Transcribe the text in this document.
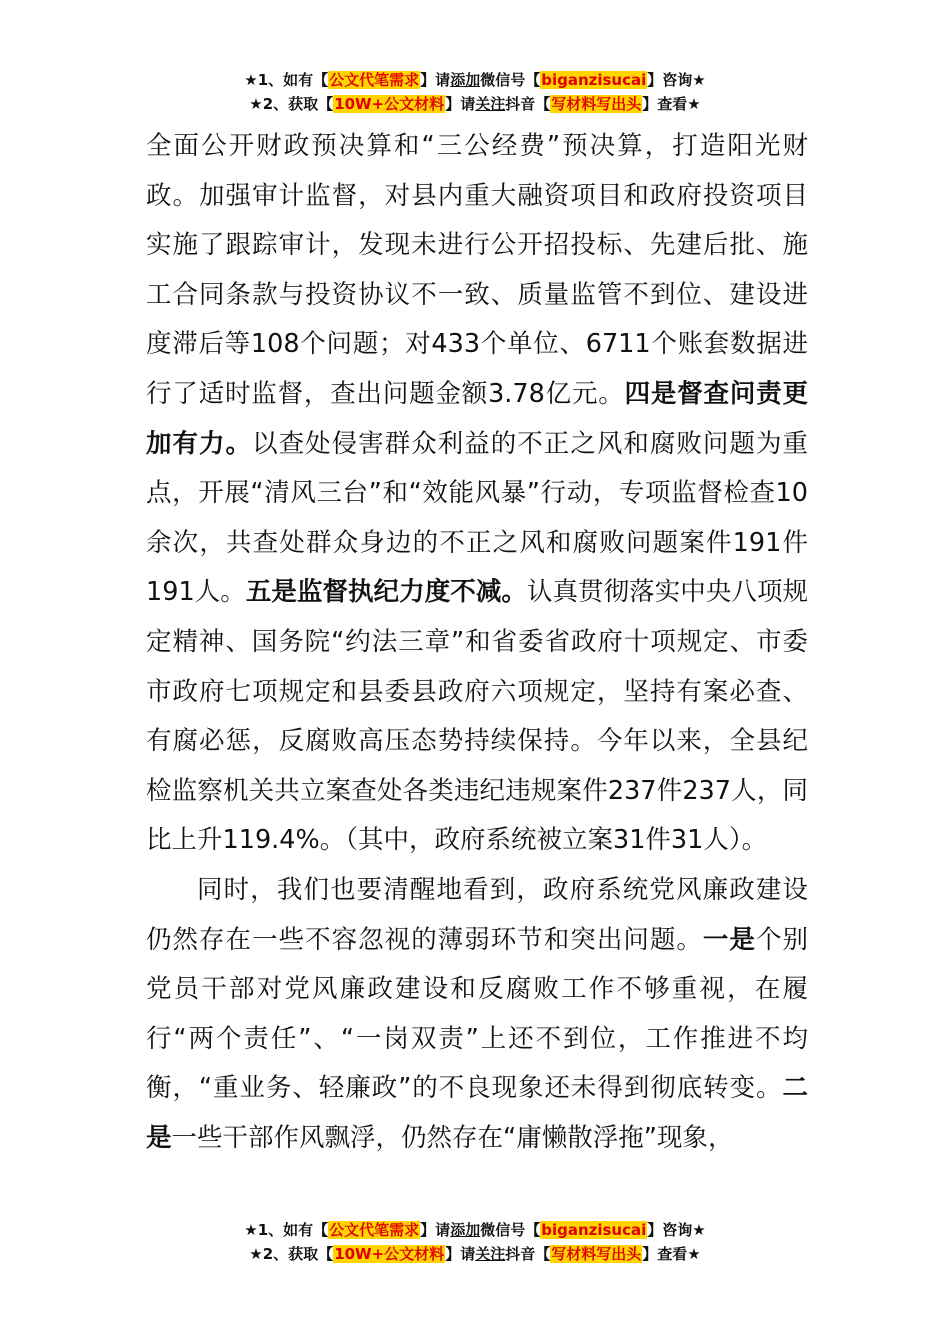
★1、如有【公文代笔需求】请添加微信号【biganzisucai】咨询★
★2、获取【10W+公文材料】请关注抖音【写材料写出头】查看★

全面公开财政预决算和“三公经费”预决算，打造阳光财政。加强审计监督，对县内重大融资项目和政府投资项目实施了跟踪审计，发现未进行公开招投标、先建后批、施工合同条款与投资协议不一致、质量监管不到位、建设进度滞后等108个问题；对433个单位、6711个账套数据进行了适时监督，查出问题金额3.78亿元。四是督查问责更加有力。以查处侵害群众利益的不正之风和腐败问题为重点，开展“清风三台”和“效能风暴”行动，专项监督检查10余次，共查处群众身边的不正之风和腐败问题案件191件191人。五是监督执纪力度不减。认真贯彻落实中央八项规定精神、国务院“约法三章”和省委省政府十项规定、市委市政府七项规定和县委县政府六项规定，坚持有案必查、有腐必惩，反腐败高压态势持续保持。今年以来，全县纪检监察机关共立案查处各类违纪违规案件237件237人，同比上升119.4%。（其中，政府系统被立案31件31人）。

同时，我们也要清醒地看到，政府系统党风廉政建设仍然存在一些不容忽视的薄弱环节和突出问题。一是个别党员干部对党风廉政建设和反腐败工作不够重视，在履行“两个责任”、“一岗双责”上还不到位，工作推进不均衡，“重业务、轻廉政”的不良现象还未得到彻底转变。二是一些干部作风飘浮，仍然存在“庸懒散浮拖”现象，

★1、如有【公文代笔需求】请添加微信号【biganzisucai】咨询★
★2、获取【10W+公文材料】请关注抖音【写材料写出头】查看★
